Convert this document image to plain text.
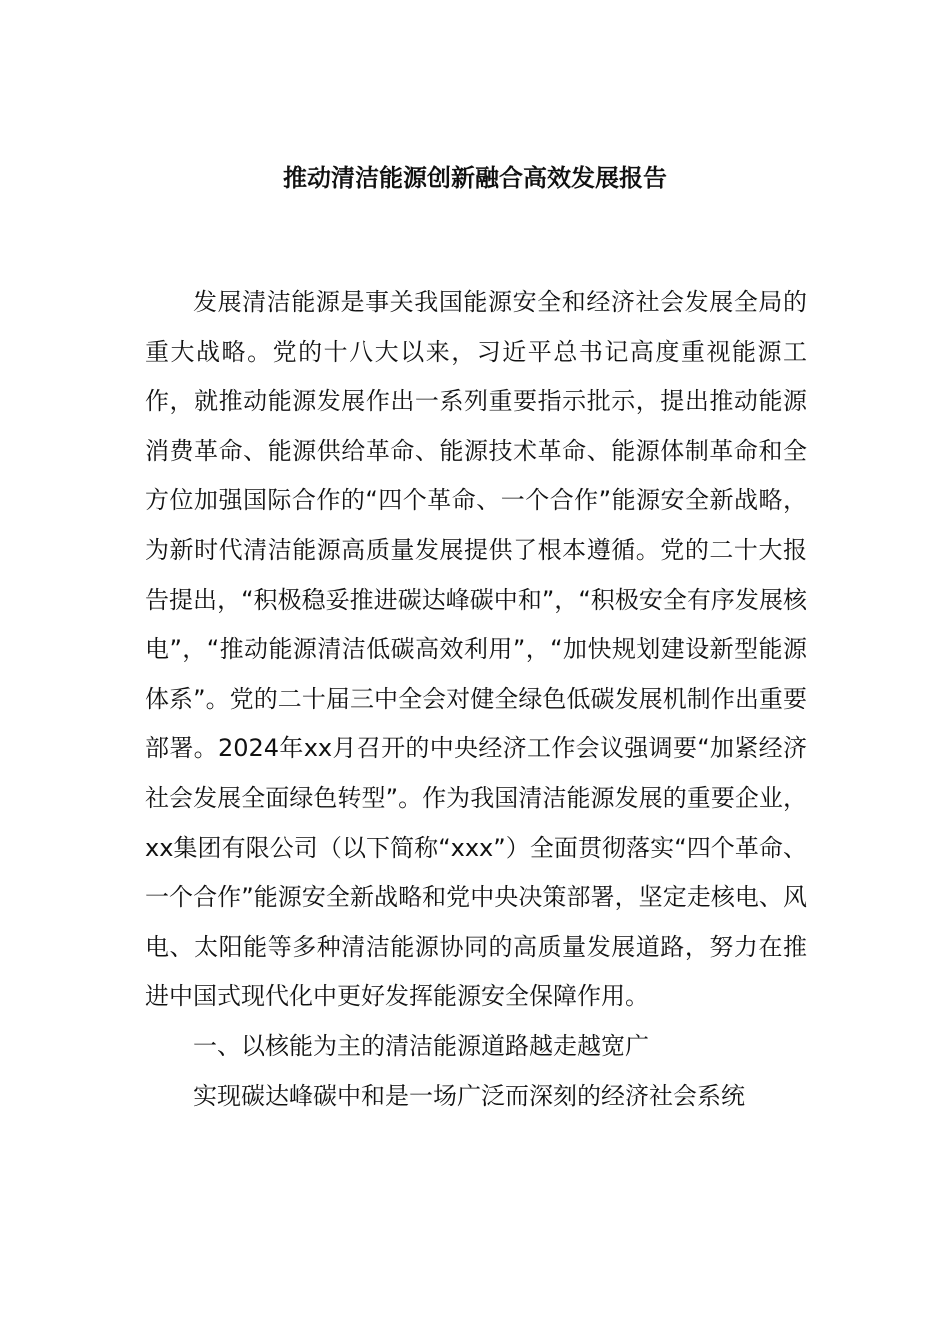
推动清洁能源创新融合高效发展报告

发展清洁能源是事关我国能源安全和经济社会发展全局的重大战略。党的十八大以来，习近平总书记高度重视能源工作，就推动能源发展作出一系列重要指示批示，提出推动能源消费革命、能源供给革命、能源技术革命、能源体制革命和全方位加强国际合作的“四个革命、一个合作”能源安全新战略，为新时代清洁能源高质量发展提供了根本遵循。党的二十大报告提出，“积极稳妥推进碳达峰碳中和”，“积极安全有序发展核电”，“推动能源清洁低碳高效利用”，“加快规划建设新型能源体系”。党的二十届三中全会对健全绿色低碳发展机制作出重要部署。2024年xx月召开的中央经济工作会议强调要“加紧经济社会发展全面绿色转型”。作为我国清洁能源发展的重要企业，xx集团有限公司（以下简称“xxx”）全面贯彻落实“四个革命、一个合作”能源安全新战略和党中央决策部署，坚定走核电、风电、太阳能等多种清洁能源协同的高质量发展道路，努力在推进中国式现代化中更好发挥能源安全保障作用。

一、以核能为主的清洁能源道路越走越宽广

实现碳达峰碳中和是一场广泛而深刻的经济社会系统
